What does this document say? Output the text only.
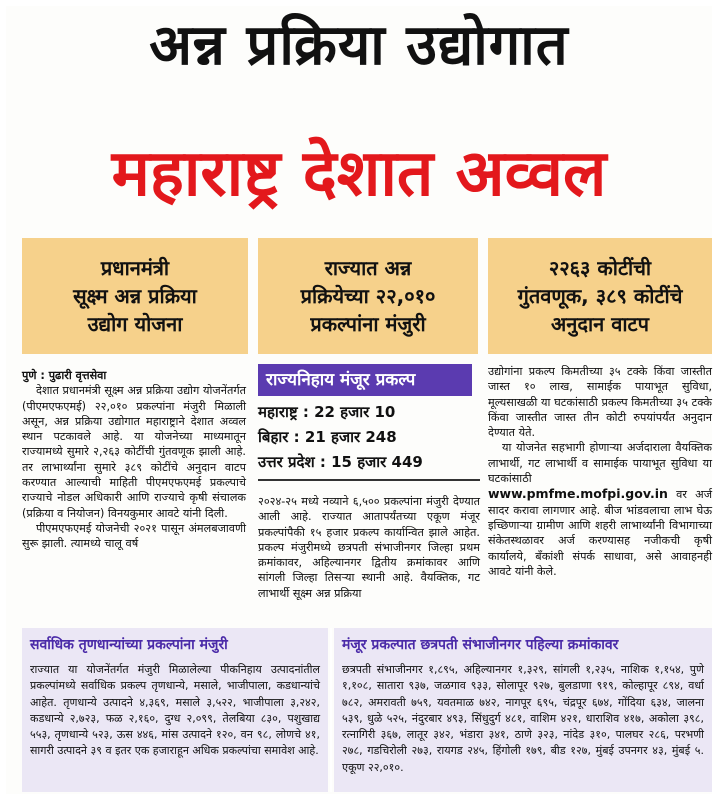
अन्न प्रक्रिया उद्योगात
महाराष्ट्र देशात अव्वल
प्रधानमंत्री
सूक्ष्म अन्न प्रक्रिया
उद्योग योजना
राज्यात अन्न
प्रक्रियेच्या २२,०१०
प्रकल्पांना मंजुरी
२२६३ कोटींची
गुंतवणूक, ३८९ कोटींचे
अनुदान वाटप

पुणे : पुढारी वृत्तसेवा

देशात प्रधानमंत्री सूक्ष्म अन्न प्रक्रिया उद्योग योजनेंतर्गत (पीएमएफएमई) २२,०१० प्रकल्पांना मंजुरी मिळाली असून, अन्न प्रक्रिया उद्योगात महाराष्ट्राने देशात अव्वल स्थान पटकावले आहे. या योजनेच्या माध्यमातून राज्यामध्ये सुमारे २,२६३ कोटींची गुंतवणूक झाली आहे. तर लाभार्थ्यांना सुमारे ३८९ कोटींचे अनुदान वाटप करण्यात आल्याची माहिती पीएमएफएमई प्रकल्पाचे राज्याचे नोडल अधिकारी आणि राज्याचे कृषी संचालक (प्रक्रिया व नियोजन) विनयकुमार आवटे यांनी दिली.

पीएमएफएमई योजनेची २०२१ पासून अंमलबजावणी सुरू झाली. त्यामध्ये चालू वर्ष

राज्यनिहाय मंजूर प्रकल्प
महाराष्ट्र :
22 हजार 10
बिहार :
21 हजार 248
उत्तर प्रदेश :
15 हजार 449

२०२४-२५ मध्ये नव्याने ६,५०० प्रकल्पांना मंजुरी देण्यात आली आहे. राज्यात आतापर्यंतच्या एकूण मंजूर प्रकल्पांपैकी १५ हजार प्रकल्प कार्यान्वित झाले आहेत. प्रकल्प मंजुरीमध्ये छत्रपती संभाजीनगर जिल्हा प्रथम क्रमांकावर, अहिल्यानगर द्वितीय क्रमांकावर आणि सांगली जिल्हा तिसऱ्या स्थानी आहे. वैयक्तिक, गट लाभार्थी सूक्ष्म अन्न प्रक्रिया

उद्योगांना प्रकल्प किमतीच्या ३५ टक्के किंवा जास्तीत जास्त १० लाख, सामाईक पायाभूत सुविधा, मूल्यसाखळी या घटकांसाठी प्रकल्प किमतीच्या ३५ टक्के किंवा जास्तीत जास्त तीन कोटी रुपयांपर्यंत अनुदान देण्यात येते.

या योजनेत सहभागी होणाऱ्या अर्जदाराला वैयक्तिक लाभार्थी, गट लाभार्थी व सामाईक पायाभूत सुविधा या घटकांसाठी www.pmfme.mofpi.gov.in वर अर्ज सादर करावा लागणार आहे. बीज भांडवलाचा लाभ घेऊ इच्छिणाऱ्या ग्रामीण आणि शहरी लाभार्थ्यांनी विभागाच्या संकेतस्थळावर अर्ज करण्यासह नजीकची कृषी कार्यालये, बँकांशी संपर्क साधावा, असे आवाहनही आवटे यांनी केले.

सर्वाधिक तृणधान्यांच्या प्रकल्पांना मंजुरी
राज्यात या योजनेंतर्गत मंजुरी मिळालेल्या पीकनिहाय उत्पादनांतील प्रकल्पांमध्ये सर्वाधिक प्रकल्प तृणधान्ये, मसाले, भाजीपाला, कडधान्यांचे आहेत. तृणधान्ये उत्पादने ४,३६९, मसाले ३,५२२, भाजीपाला ३,२४२, कडधान्ये २,७२३, फळ २,१६०, दुग्ध २,०९९, तेलबिया ८३०, पशुखाद्य ५५३, तृणधान्ये ५२३, ऊस ४४६, मांस उत्पादने १२०, वन ९८, लोणचे ४१, सागरी उत्पादने ३९ व इतर एक हजाराहून अधिक प्रकल्पांचा समावेश आहे.
मंजूर प्रकल्पात छत्रपती संभाजीनगर पहिल्या क्रमांकावर
छत्रपती संभाजीनगर १,८९५, अहिल्यानगर १,३२९, सांगली १,२३५, नाशिक १,१५४, पुणे १,१०८, सातारा ९३७, जळगाव ९३३, सोलापूर ९२७, बुलडाणा ९१९, कोल्हापूर ८९४, वर्धा ७८२, अमरावती ७५९, यवतमाळ ७४२, नागपूर ६९५, चंद्रपूर ६७४, गोंदिया ६३४, जालना ५३९, धुळे ५२५, नंदुरबार ४९३, सिंधुदुर्ग ४८१, वाशिम ४२१, धाराशिव ४१७, अकोला ३९८, रत्नागिरी ३६७, लातूर ३४२, भंडारा ३४१, ठाणे ३२३, नांदेड ३१०, पालघर २८६, परभणी २७८, गडचिरोली २७३, रायगड २४५, हिंगोली १७९, बीड १२७, मुंबई उपनगर ४३, मुंबई ५. एकूण २२,०१०.
